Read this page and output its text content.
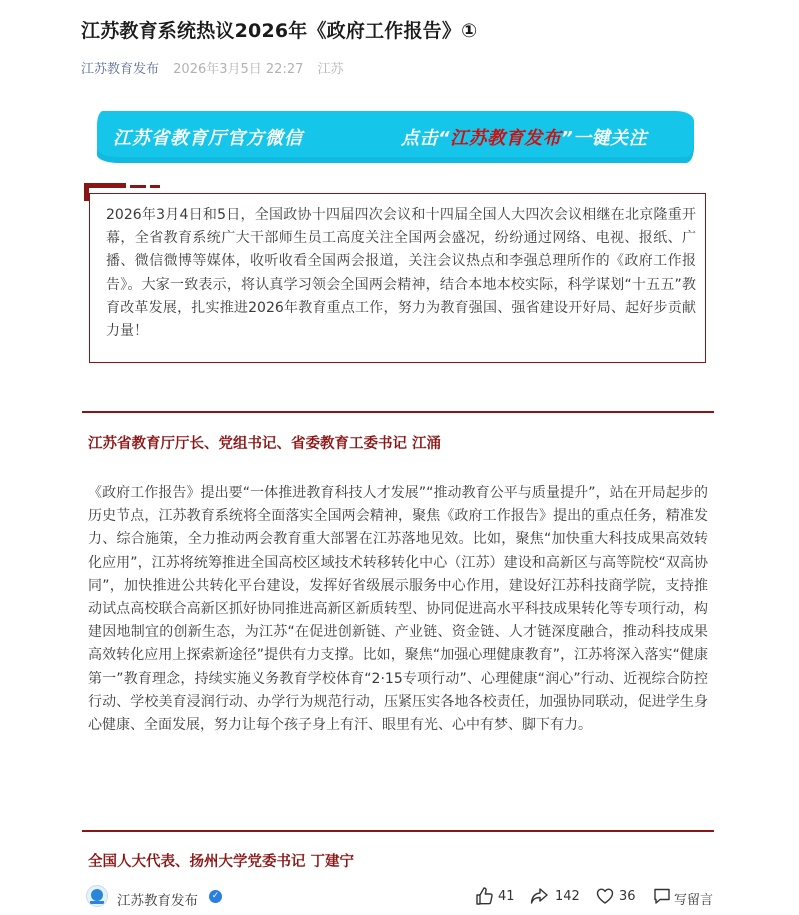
江苏教育系统热议2026年《政府工作报告》①
江苏教育发布 2026年3月5日 22:27 江苏
江苏省教育厅官方微信	点击“江苏教育发布”一键关注

2026年3月4日和5日，全国政协十四届四次会议和十四届全国人大四次会议相继在北京隆重开幕，全省教育系统广大干部师生员工高度关注全国两会盛况，纷纷通过网络、电视、报纸、广播、微信微博等媒体，收听收看全国两会报道，关注会议热点和李强总理所作的《政府工作报告》。大家一致表示，将认真学习领会全国两会精神，结合本地本校实际，科学谋划“十五五”教育改革发展，扎实推进2026年教育重点工作，努力为教育强国、强省建设开好局、起好步贡献力量！

江苏省教育厅厅长、党组书记、省委教育工委书记 江涌

《政府工作报告》提出要“一体推进教育科技人才发展”“推动教育公平与质量提升”，站在开局起步的历史节点，江苏教育系统将全面落实全国两会精神，聚焦《政府工作报告》提出的重点任务，精准发力、综合施策，全力推动两会教育重大部署在江苏落地见效。比如，聚焦“加快重大科技成果高效转化应用”，江苏将统筹推进全国高校区域技术转移转化中心（江苏）建设和高新区与高等院校“双高协同”，加快推进公共转化平台建设，发挥好省级展示服务中心作用，建设好江苏科技商学院，支持推动试点高校联合高新区抓好协同推进高新区新质转型、协同促进高水平科技成果转化等专项行动，构建因地制宜的创新生态，为江苏“在促进创新链、产业链、资金链、人才链深度融合，推动科技成果高效转化应用上探索新途径”提供有力支撑。比如，聚焦“加强心理健康教育”，江苏将深入落实“健康第一”教育理念，持续实施义务教育学校体育“2·15专项行动”、心理健康“润心”行动、近视综合防控行动、学校美育浸润行动、办学行为规范行动，压紧压实各地各校责任，加强协同联动，促进学生身心健康、全面发展，努力让每个孩子身上有汗、眼里有光、心中有梦、脚下有力。

全国人大代表、扬州大学党委书记 丁建宁
江苏教育发布	✓	41	142	36	写留言
